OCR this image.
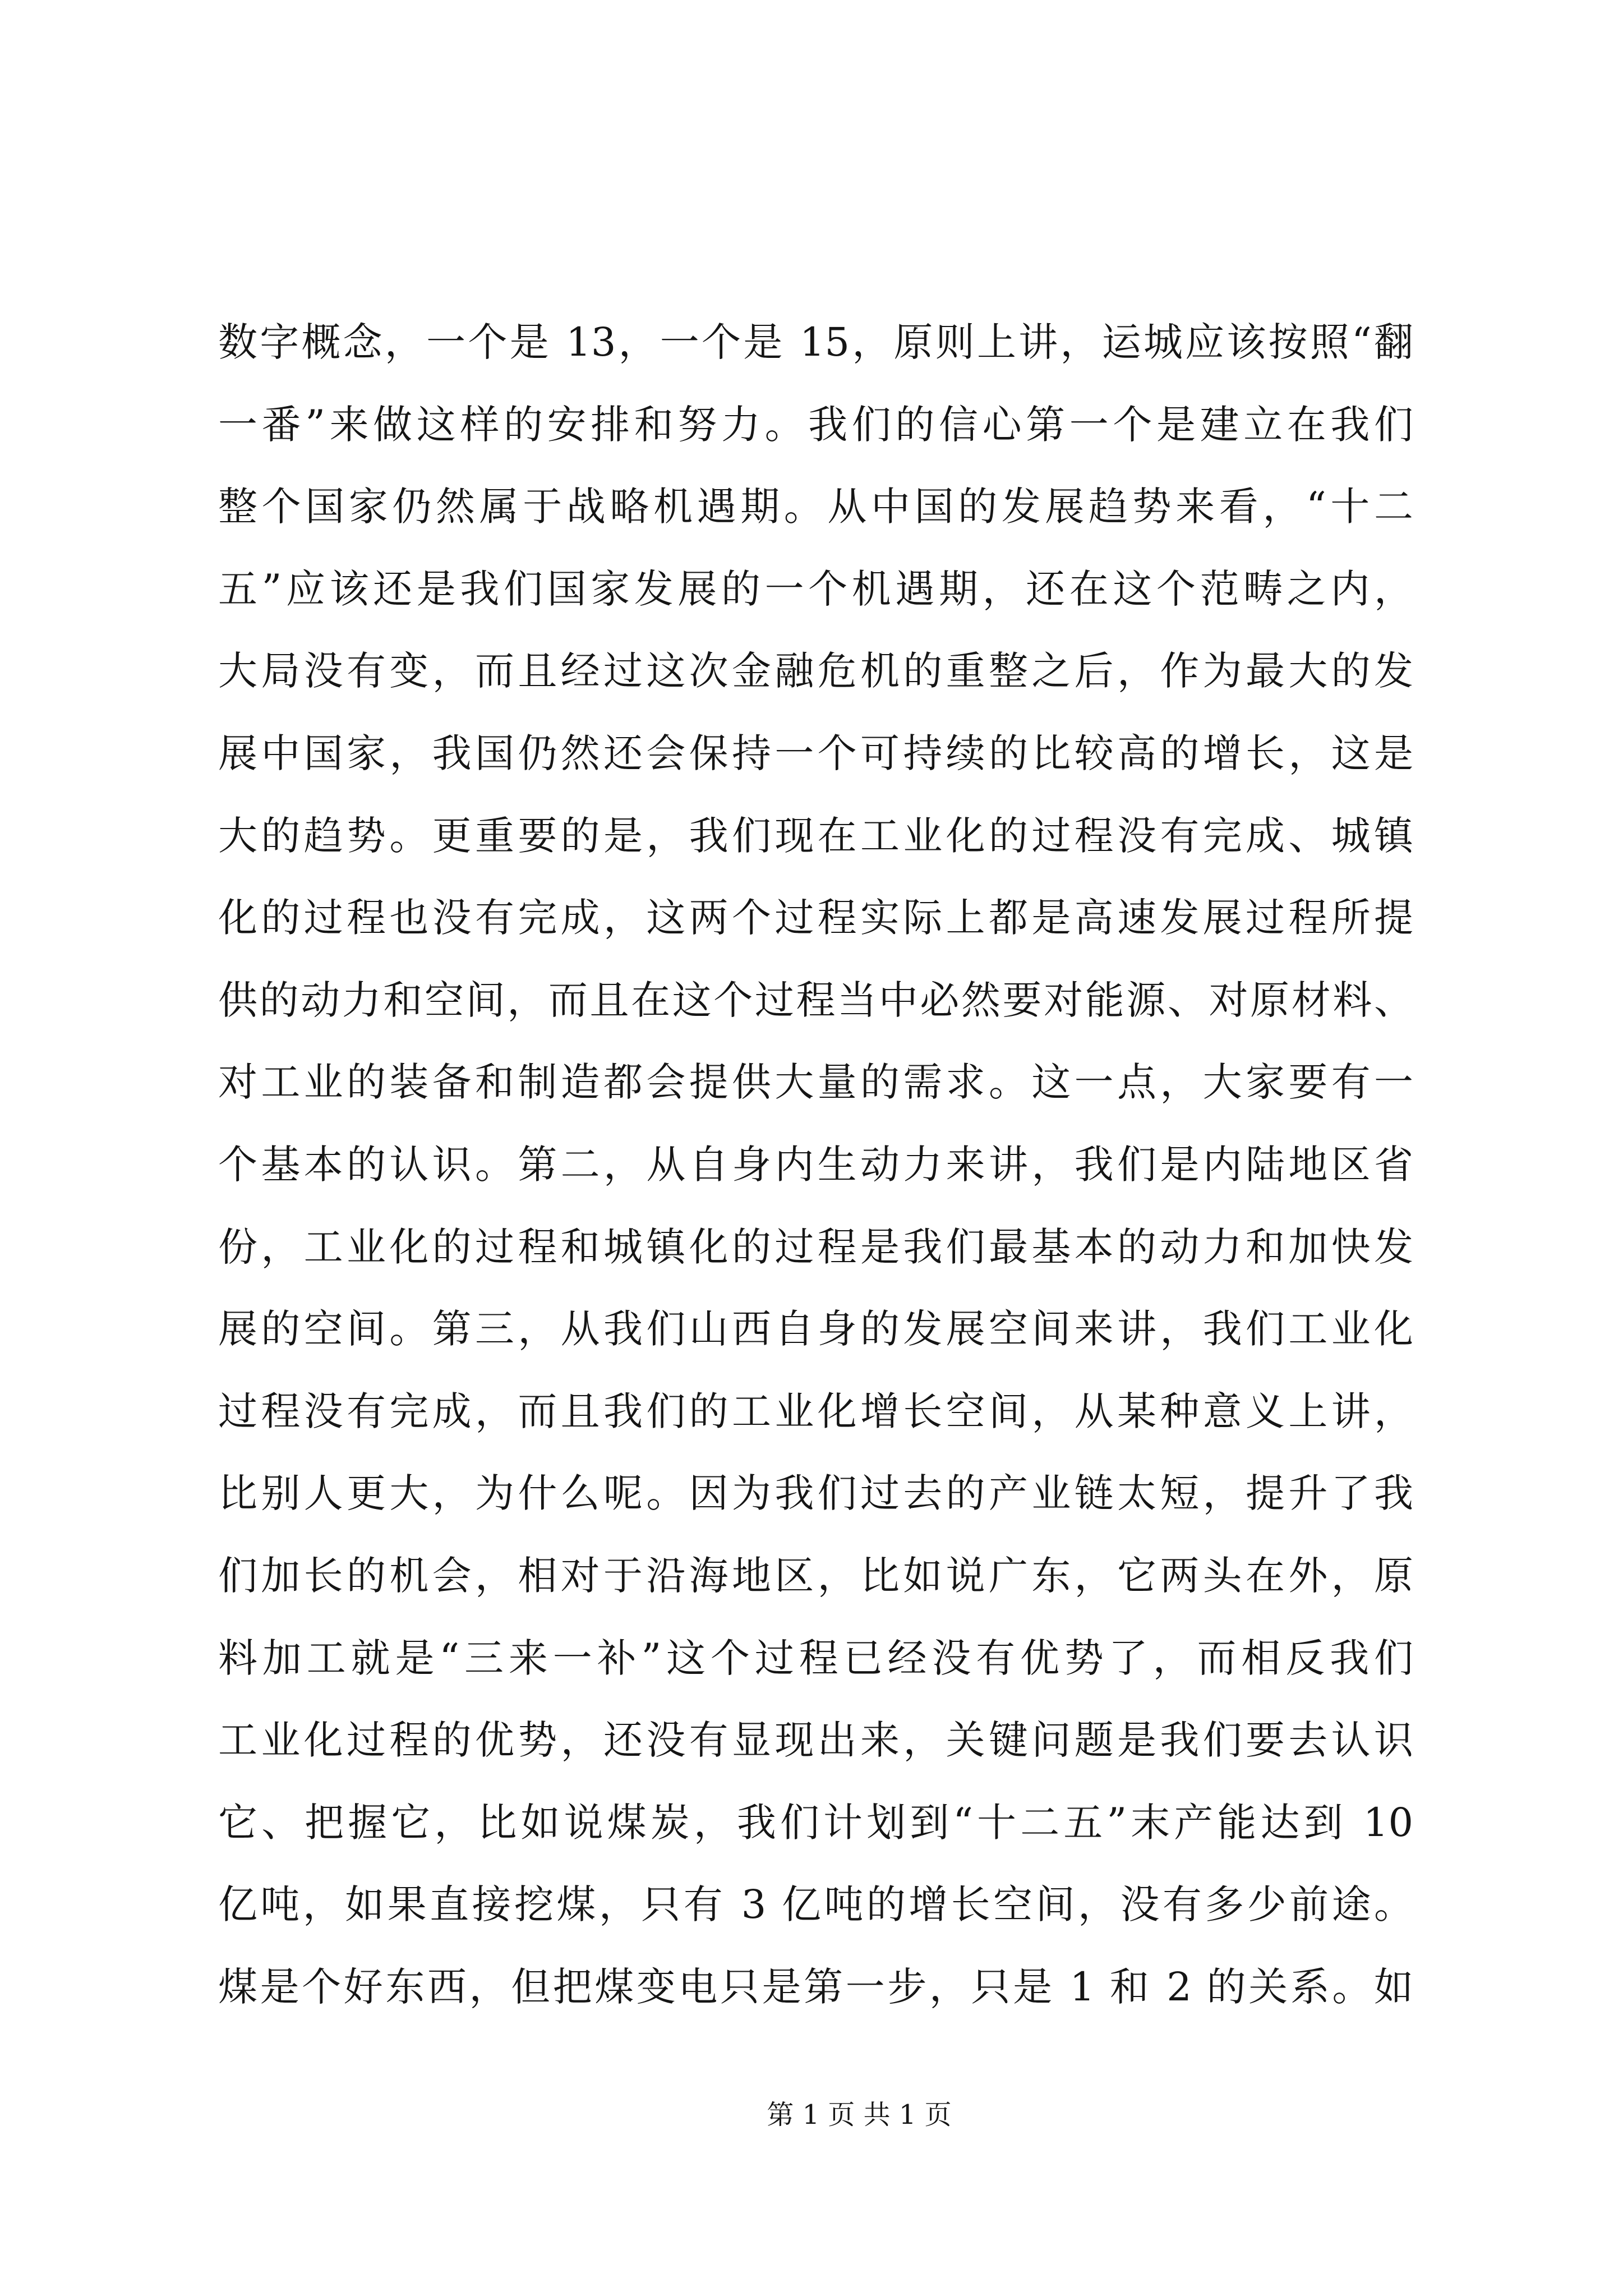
数字概念，一个是 13，一个是 15，原则上讲，运城应该按照“翻
一番”来做这样的安排和努力。我们的信心第一个是建立在我们
整个国家仍然属于战略机遇期。从中国的发展趋势来看，“十二
五”应该还是我们国家发展的一个机遇期，还在这个范畴之内，
大局没有变，而且经过这次金融危机的重整之后，作为最大的发
展中国家，我国仍然还会保持一个可持续的比较高的增长，这是
大的趋势。更重要的是，我们现在工业化的过程没有完成、城镇
化的过程也没有完成，这两个过程实际上都是高速发展过程所提
供的动力和空间，而且在这个过程当中必然要对能源、对原材料、
对工业的装备和制造都会提供大量的需求。这一点，大家要有一
个基本的认识。第二，从自身内生动力来讲，我们是内陆地区省
份，工业化的过程和城镇化的过程是我们最基本的动力和加快发
展的空间。第三，从我们山西自身的发展空间来讲，我们工业化
过程没有完成，而且我们的工业化增长空间，从某种意义上讲，
比别人更大，为什么呢。因为我们过去的产业链太短，提升了我
们加长的机会，相对于沿海地区，比如说广东，它两头在外，原
料加工就是“三来一补”这个过程已经没有优势了，而相反我们
工业化过程的优势，还没有显现出来，关键问题是我们要去认识
它、把握它，比如说煤炭，我们计划到“十二五”末产能达到 10
亿吨，如果直接挖煤，只有 3 亿吨的增长空间，没有多少前途。
煤是个好东西，但把煤变电只是第一步，只是 1 和 2 的关系。如
第 1 页 共 1 页
